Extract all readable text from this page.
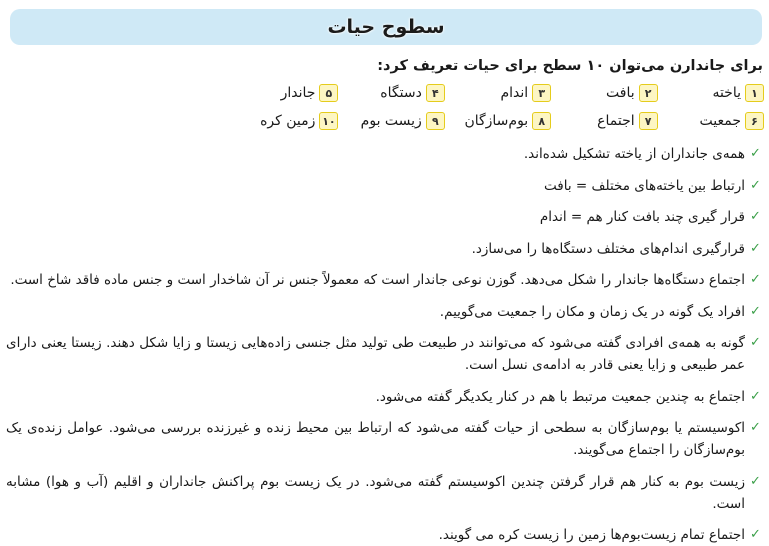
سطوح حیات
برای جاندارن می‌توان ۱۰ سطح برای حیات تعریف کرد:
۱
یاخته
۲
بافت
۳
اندام
۴
دستگاه
۵
جاندار
۶
جمعیت
۷
اجتماع
۸
بوم‌سازگان
۹
زیست بوم
۱۰
زمین کره
✓
همه‌ی جانداران از یاخته تشکیل شده‌اند.
✓
ارتباط بین یاخته‌های مختلف = بافت
✓
قرار گیری چند بافت کنار هم = اندام
✓
قرارگیری اندام‌های مختلف دستگاه‌ها را می‌سازد.
✓
اجتماع دستگاه‌ها جاندار را شکل می‌دهد. گوزن نوعی جاندار است که معمولاً جنس نر آن شاخدار است و جنس ماده فاقد شاخ است.
✓
افراد یک گونه در یک زمان و مکان را جمعیت می‌گوییم.
✓
گونه به همه‌ی افرادی گفته می‌شود که می‌توانند در طبیعت طی تولید مثل جنسی زاده‌هایی زیستا و زایا شکل دهند. زیستا یعنی دارای عمر طبیعی و زایا یعنی قادر به ادامه‌ی نسل است.
✓
اجتماع به چندین جمعیت مرتبط با هم در کنار یکدیگر گفته می‌شود.
✓
اکوسیستم یا بوم‌سازگان به سطحی از حیات گفته می‌شود که ارتباط بین محیط زنده و غیرزنده بررسی می‌شود. عوامل زنده‌ی یک بوم‌سازگان را اجتماع می‌گویند.
✓
زیست بوم به کنار هم قرار گرفتن چندین اکوسیستم گفته می‌شود. در یک زیست بوم پراکنش جانداران و اقلیم (آب و هوا) مشابه است.
✓
اجتماع تمام زیست‌بوم‌ها زمین را زیست کره می گویند.
